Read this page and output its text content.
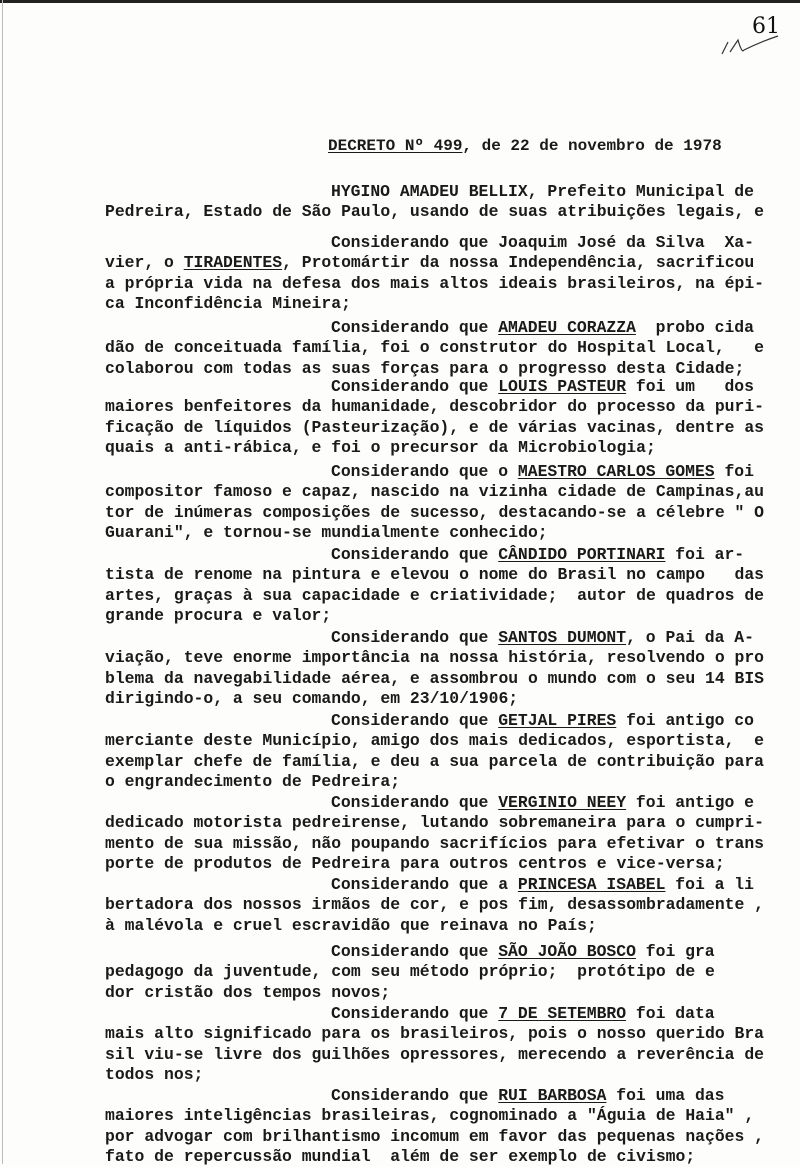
61
DECRETO Nº 499, de 22 de novembro de 1978
HYGINO AMADEU BELLIX, Prefeito Municipal de
Pedreira, Estado de São Paulo, usando de suas atribuições legais, e
Considerando que Joaquim José da Silva  Xa-
vier, o TIRADENTES, Protomártir da nossa Independência, sacrificou
a própria vida na defesa dos mais altos ideais brasileiros, na épi-
ca Inconfidência Mineira;
Considerando que AMADEU CORAZZA  probo cida
dão de conceituada família, foi o construtor do Hospital Local,   e
colaborou com todas as suas forças para o progresso desta Cidade;
Considerando que LOUIS PASTEUR foi um   dos
maiores benfeitores da humanidade, descobridor do processo da puri-
ficação de líquidos (Pasteurização), e de várias vacinas, dentre as
quais a anti-rábica, e foi o precursor da Microbiologia;
Considerando que o MAESTRO CARLOS GOMES foi
compositor famoso e capaz, nascido na vizinha cidade de Campinas,au
tor de inúmeras composições de sucesso, destacando-se a célebre " O
Guarani", e tornou-se mundialmente conhecido;
Considerando que CÂNDIDO PORTINARI foi ar-
tista de renome na pintura e elevou o nome do Brasil no campo   das
artes, graças à sua capacidade e criatividade;  autor de quadros de
grande procura e valor;
Considerando que SANTOS DUMONT, o Pai da A-
viação, teve enorme importância na nossa história, resolvendo o pro
blema da navegabilidade aérea, e assombrou o mundo com o seu 14 BIS
dirigindo-o, a seu comando, em 23/10/1906;
Considerando que GETJAL PIRES foi antigo co
merciante deste Município, amigo dos mais dedicados, esportista,  e
exemplar chefe de família, e deu a sua parcela de contribuição para
o engrandecimento de Pedreira;
Considerando que VERGINIO NEEY foi antigo e
dedicado motorista pedreirense, lutando sobremaneira para o cumpri-
mento de sua missão, não poupando sacrifícios para efetivar o trans
porte de produtos de Pedreira para outros centros e vice-versa;
Considerando que a PRINCESA ISABEL foi a li
bertadora dos nossos irmãos de cor, e pos fim, desassombradamente ,
à malévola e cruel escravidão que reinava no País;
Considerando que SÃO JOÃO BOSCO foi gra
pedagogo da juventude, com seu método próprio;  protótipo de e
dor cristão dos tempos novos;
Considerando que 7 DE SETEMBRO foi data
mais alto significado para os brasileiros, pois o nosso querido Bra
sil viu-se livre dos guilhões opressores, merecendo a reverência de
todos nos;
Considerando que RUI BARBOSA foi uma das
maiores inteligências brasileiras, cognominado a "Águia de Haia" ,
por advogar com brilhantismo incomum em favor das pequenas nações ,
fato de repercussão mundial  além de ser exemplo de civismo;
